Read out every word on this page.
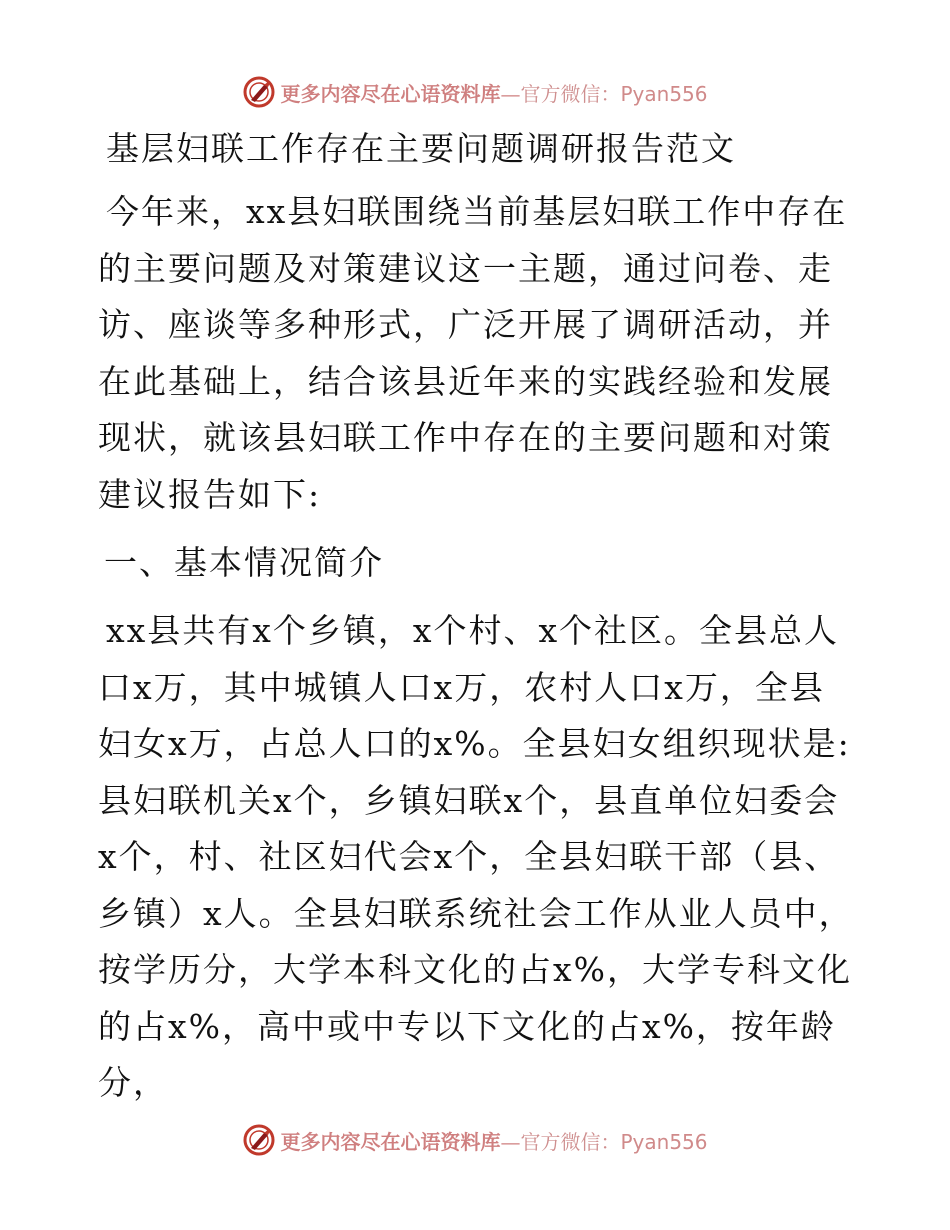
更多内容尽在心语资料库—官方微信：Pyan556
基层妇联工作存在主要问题调研报告范文

今年来，xx县妇联围绕当前基层妇联工作中存在的主要问题及对策建议这一主题，通过问卷、走访、座谈等多种形式，广泛开展了调研活动，并在此基础上，结合该县近年来的实践经验和发展现状，就该县妇联工作中存在的主要问题和对策建议报告如下:

一、基本情况简介

xx县共有x个乡镇，x个村、x个社区。全县总人口x万，其中城镇人口x万，农村人口x万，全县妇女x万，占总人口的x%。全县妇女组织现状是:县妇联机关x个，乡镇妇联x个，县直单位妇委会x个，村、社区妇代会x个，全县妇联干部（县、乡镇）x人。全县妇联系统社会工作从业人员中，按学历分，大学本科文化的占x%，大学专科文化的占x%，高中或中专以下文化的占x%，按年龄分，

更多内容尽在心语资料库—官方微信：Pyan556
